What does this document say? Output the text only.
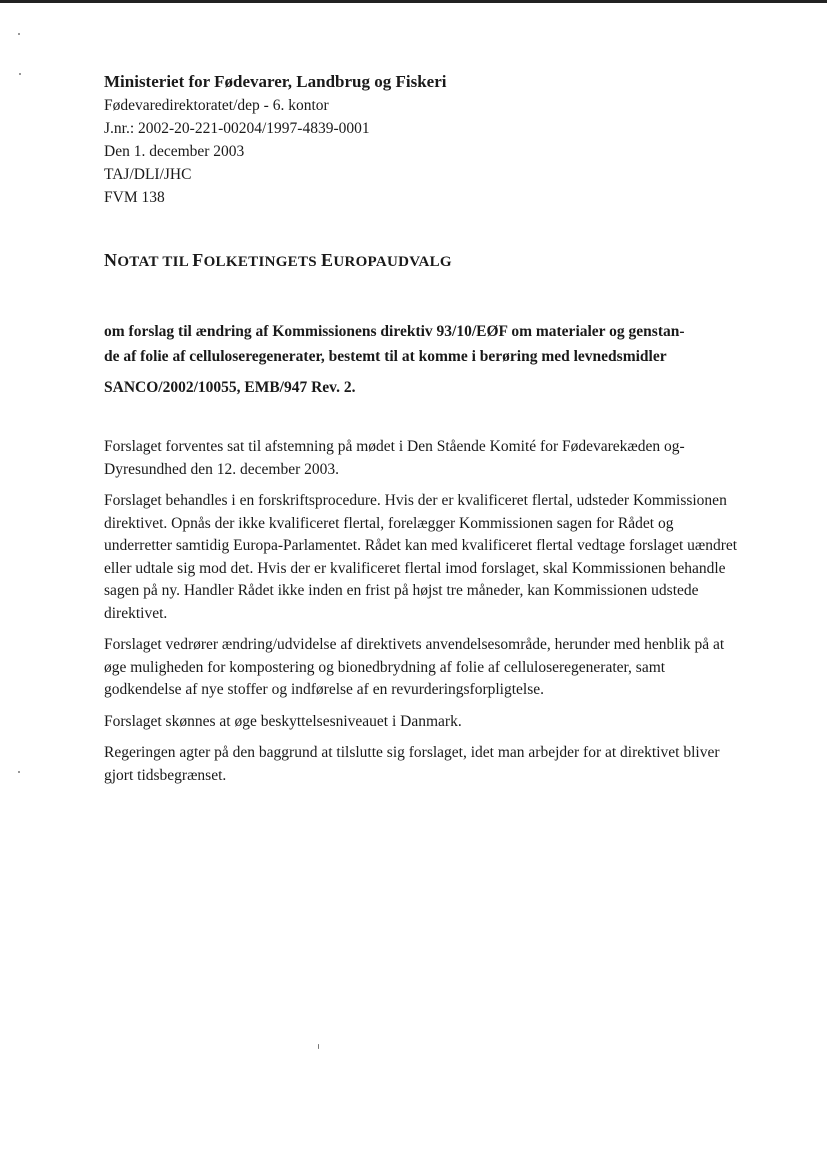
Ministeriet for Fødevarer, Landbrug og Fiskeri

Fødevaredirektoratet/dep - 6. kontor

J.nr.: 2002-20-221-00204/1997-4839-0001

Den 1. december 2003

TAJ/DLI/JHC

FVM 138

NOTAT TIL FOLKETINGETS EUROPAUDVALG

om forslag til ændring af Kommissionens direktiv 93/10/EØF om materialer og genstan-
de af folie af celluloseregenerater, bestemt til at komme i berøring med levnedsmidler

SANCO/2002/10055, EMB/947 Rev. 2.

Forslaget forventes sat til afstemning på mødet i Den Stående Komité for Fødevarekæden og-Dyresundhed den 12. december 2003.

Forslaget behandles i en forskriftsprocedure. Hvis der er kvalificeret flertal, udsteder Kommissionen direktivet. Opnås der ikke kvalificeret flertal, forelægger Kommissionen sagen for Rådet og underretter samtidig Europa-Parlamentet. Rådet kan med kvalificeret flertal vedtage forslaget uændret eller udtale sig mod det. Hvis der er kvalificeret flertal imod forslaget, skal Kommissionen behandle sagen på ny. Handler Rådet ikke inden en frist på højst tre måneder, kan Kommissionen udstede direktivet.

Forslaget vedrører ændring/udvidelse af direktivets anvendelsesområde, herunder med henblik på at øge muligheden for kompostering og bionedbrydning af folie af celluloseregenerater, samt godkendelse af nye stoffer og indførelse af en revurderingsforpligtelse.

Forslaget skønnes at øge beskyttelsesniveauet i Danmark.

Regeringen agter på den baggrund at tilslutte sig forslaget, idet man arbejder for at direktivet bliver gjort tidsbegrænset.
